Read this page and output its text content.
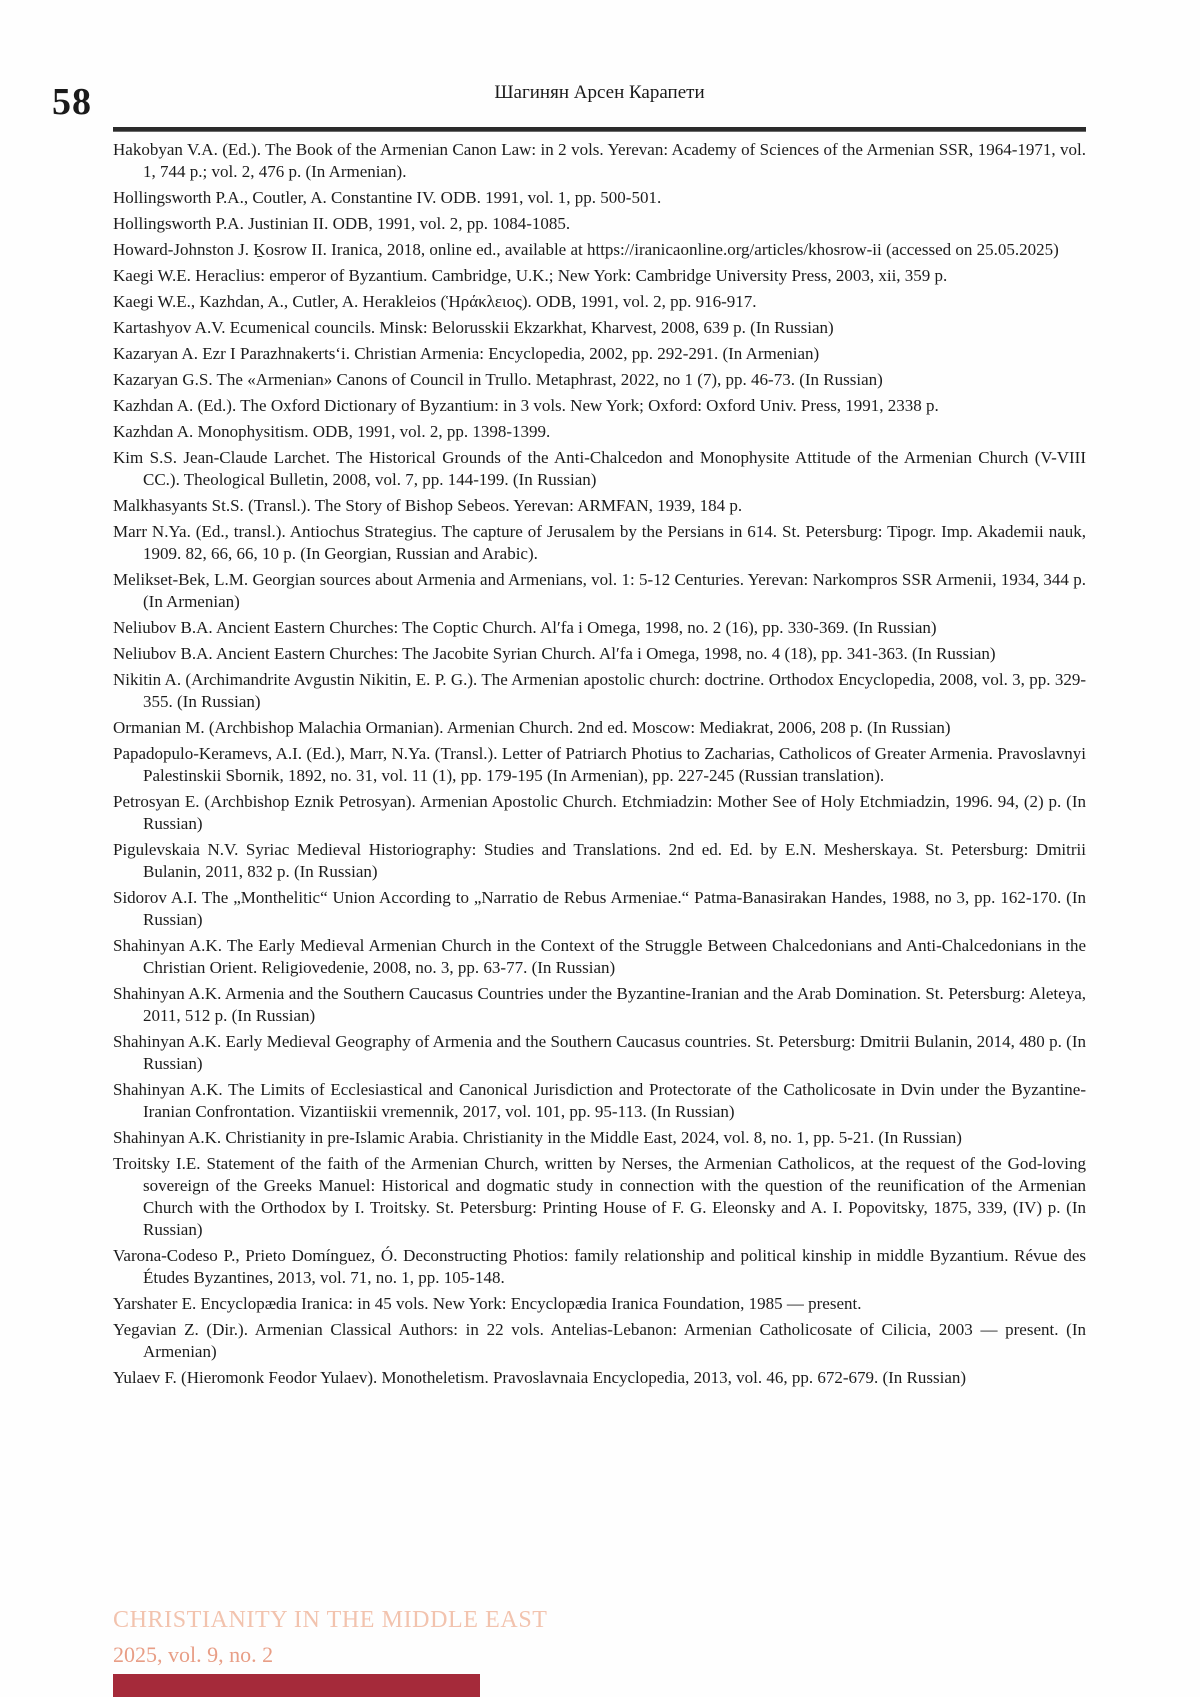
58	Шагинян Арсен Карапети

Hakobyan V.A. (Ed.). The Book of the Armenian Canon Law: in 2 vols. Yerevan: Academy of Sciences of the Armenian SSR, 1964-1971, vol. 1, 744 p.; vol. 2, 476 p. (In Armenian).

Hollingsworth P.A., Coutler, A. Constantine IV. ODB. 1991, vol. 1, pp. 500-501.

Hollingsworth P.A. Justinian II. ODB, 1991, vol. 2, pp. 1084-1085.

Howard-Johnston J. Ḵosrow II. Iranica, 2018, online ed., available at https://iranicaonline.org/articles/khosrow-ii (accessed on 25.05.2025)

Kaegi W.E. Heraclius: emperor of Byzantium. Cambridge, U.K.; New York: Cambridge University Press, 2003, xii, 359 p.

Kaegi W.E., Kazhdan, A., Cutler, A. Herakleios (Ἡράκλειος). ODB, 1991, vol. 2, pp. 916-917.

Kartashyov A.V. Ecumenical councils. Minsk: Belorusskii Ekzarkhat, Kharvest, 2008, 639 p. (In Russian)

Kazaryan A. Ezr I Parazhnakertsʻi. Christian Armenia: Encyclopedia, 2002, pp. 292-291. (In Armenian)

Kazaryan G.S. The «Armenian» Canons of Council in Trullo. Metaphrast, 2022, no 1 (7), pp. 46-73. (In Russian)

Kazhdan A. (Ed.). The Oxford Dictionary of Byzantium: in 3 vols. New York; Oxford: Oxford Univ. Press, 1991, 2338 p.

Kazhdan A. Monophysitism. ODB, 1991, vol. 2, pp. 1398-1399.

Kim S.S. Jean-Claude Larchet. The Historical Grounds of the Anti-Chalcedon and Monophysite Attitude of the Armenian Church (V-VIII CC.). Theological Bulletin, 2008, vol. 7, pp. 144-199. (In Russian)

Malkhasyants St.S. (Transl.). The Story of Bishop Sebeos. Yerevan: ARMFAN, 1939, 184 p.

Marr N.Ya. (Ed., transl.). Antiochus Strategius. The capture of Jerusalem by the Persians in 614. St. Petersburg: Tipogr. Imp. Akademii nauk, 1909. 82, 66, 66, 10 p. (In Georgian, Russian and Arabic).

Melikset-Bek, L.M. Georgian sources about Armenia and Armenians, vol. 1: 5-12 Centuries. Yerevan: Narkompros SSR Armenii, 1934, 344 p. (In Armenian)

Neliubov B.A. Ancient Eastern Churches: The Coptic Church. Alʹfa i Omega, 1998, no. 2 (16), pp. 330-369. (In Russian)

Neliubov B.A. Ancient Eastern Churches: The Jacobite Syrian Church. Alʹfa i Omega, 1998, no. 4 (18), pp. 341-363. (In Russian)

Nikitin A. (Archimandrite Avgustin Nikitin, E. P. G.). The Armenian apostolic church: doctrine. Orthodox Encyclopedia, 2008, vol. 3, pp. 329-355. (In Russian)

Ormanian M. (Archbishop Malachia Ormanian). Armenian Church. 2nd ed. Moscow: Mediakrat, 2006, 208 p. (In Russian)

Papadopulo-Keramevs, A.I. (Ed.), Marr, N.Ya. (Transl.). Letter of Patriarch Photius to Zacharias, Catholicos of Greater Armenia. Pravoslavnyi Palestinskii Sbornik, 1892, no. 31, vol. 11 (1), pp. 179-195 (In Armenian), pp. 227-245 (Russian translation).

Petrosyan E. (Archbishop Eznik Petrosyan). Armenian Apostolic Church. Etchmiadzin: Mother See of Holy Etchmiadzin, 1996. 94, (2) p. (In Russian)

Pigulevskaia N.V. Syriac Medieval Historiography: Studies and Translations. 2nd ed. Ed. by E.N. Mesherskaya. St. Petersburg: Dmitrii Bulanin, 2011, 832 p. (In Russian)

Sidorov A.I. The „Monthelitic“ Union According to „Narratio de Rebus Armeniae.“ Patma-Banasirakan Handes, 1988, no 3, pp. 162-170. (In Russian)

Shahinyan A.K. The Early Medieval Armenian Church in the Context of the Struggle Between Chalcedonians and Anti-Chalcedonians in the Christian Orient. Religiovedenie, 2008, no. 3, pp. 63-77. (In Russian)

Shahinyan A.K. Armenia and the Southern Caucasus Countries under the Byzantine-Iranian and the Arab Domination. St. Petersburg: Aleteya, 2011, 512 p. (In Russian)

Shahinyan A.K. Early Medieval Geography of Armenia and the Southern Caucasus countries. St. Petersburg: Dmitrii Bulanin, 2014, 480 p. (In Russian)

Shahinyan A.K. The Limits of Ecclesiastical and Canonical Jurisdiction and Protectorate of the Catholicosate in Dvin under the Byzantine-Iranian Confrontation. Vizantiiskii vremennik, 2017, vol. 101, pp. 95-113. (In Russian)

Shahinyan A.K. Christianity in pre-Islamic Arabia. Christianity in the Middle East, 2024, vol. 8, no. 1, pp. 5-21. (In Russian)

Troitsky I.E. Statement of the faith of the Armenian Church, written by Nerses, the Armenian Catholicos, at the request of the God-loving sovereign of the Greeks Manuel: Historical and dogmatic study in connection with the question of the reunification of the Armenian Church with the Orthodox by I. Troitsky. St. Petersburg: Printing House of F. G. Eleonsky and A. I. Popovitsky, 1875, 339, (IV) p. (In Russian)

Varona-Codeso P., Prieto Domínguez, Ó. Deconstructing Photios: family relationship and political kinship in middle Byzantium. Révue des Études Byzantines, 2013, vol. 71, no. 1, pp. 105-148.

Yarshater E. Encyclopædia Iranica: in 45 vols. New York: Encyclopædia Iranica Foundation, 1985 — present.

Yegavian Z. (Dir.). Armenian Classical Authors: in 22 vols. Antelias-Lebanon: Armenian Catholicosate of Cilicia, 2003 — present. (In Armenian)

Yulaev F. (Hieromonk Feodor Yulaev). Monotheletism. Pravoslavnaia Encyclopedia, 2013, vol. 46, pp. 672-679. (In Russian)

CHRISTIANITY IN THE MIDDLE EAST
2025, vol. 9, no. 2
